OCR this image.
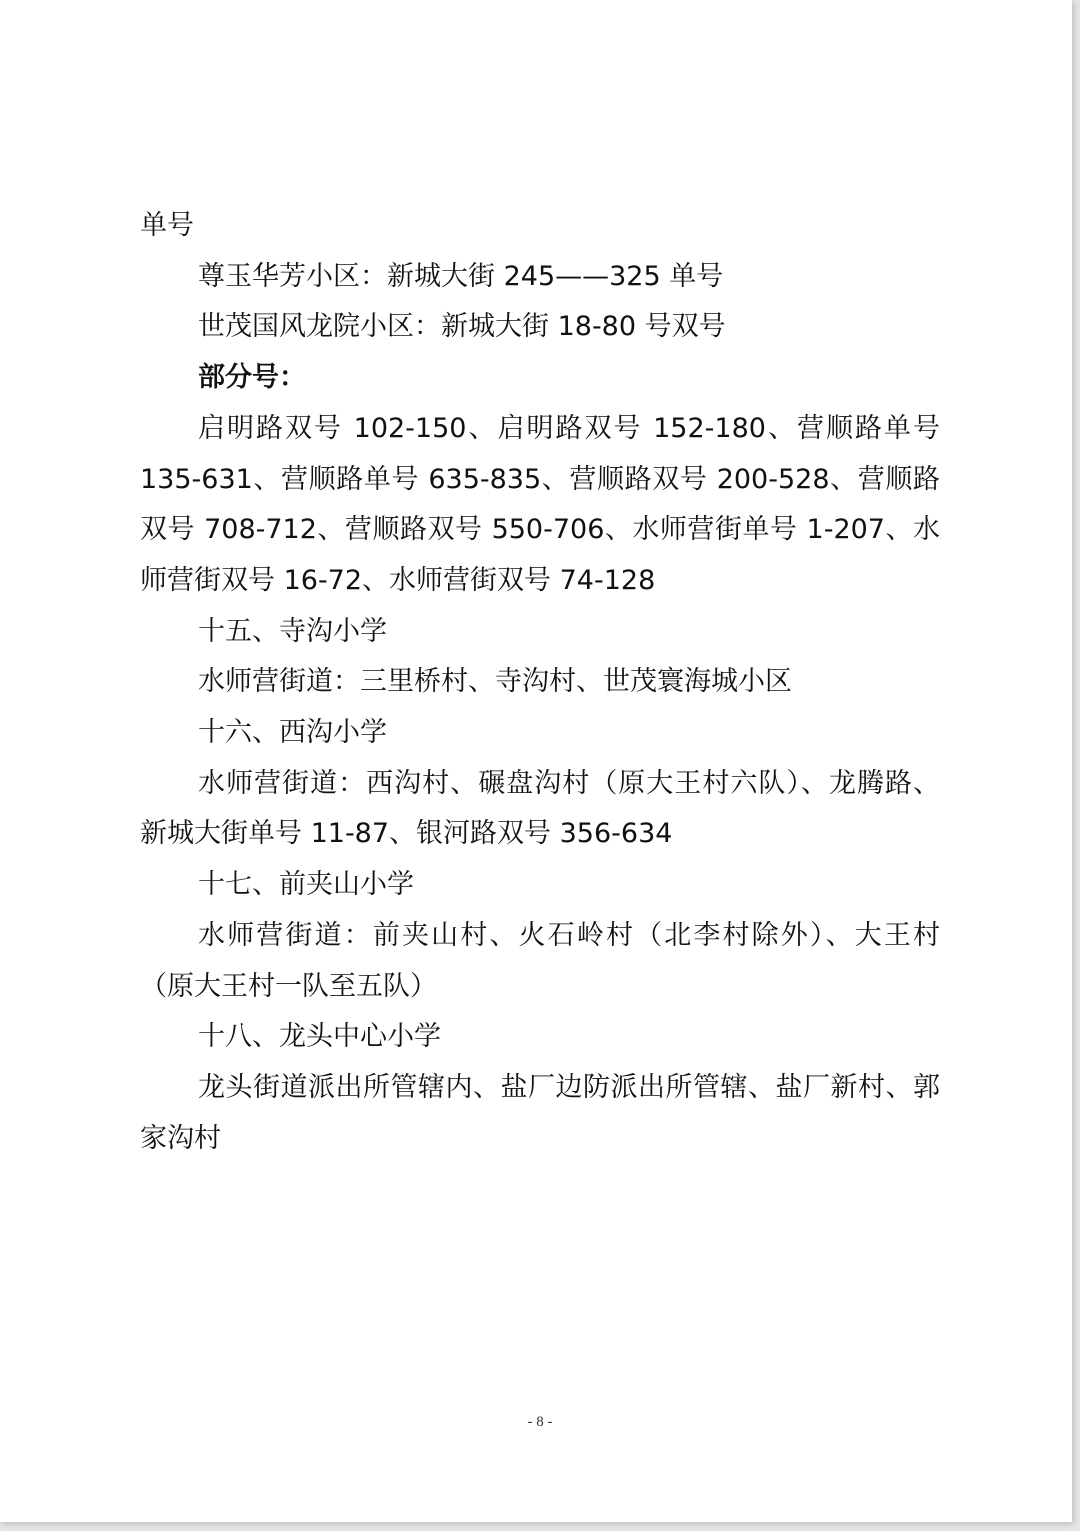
单号

尊玉华芳小区：新城大街 245——325 单号

世茂国风龙院小区：新城大街 18-80 号双号

部分号：

启明路双号 102-150、启明路双号 152-180、营顺路单号 135-631、营顺路单号 635-835、营顺路双号 200-528、营顺路双号 708-712、营顺路双号 550-706、水师营街单号 1-207、水师营街双号 16-72、水师营街双号 74-128

十五、寺沟小学

水师营街道：三里桥村、寺沟村、世茂寰海城小区

十六、西沟小学

水师营街道：西沟村、碾盘沟村（原大王村六队）、龙腾路、新城大街单号 11-87、银河路双号 356-634

十七、前夹山小学

水师营街道：前夹山村、火石岭村（北李村除外）、大王村（原大王村一队至五队）

十八、龙头中心小学

龙头街道派出所管辖内、盐厂边防派出所管辖、盐厂新村、郭家沟村

- 8 -
